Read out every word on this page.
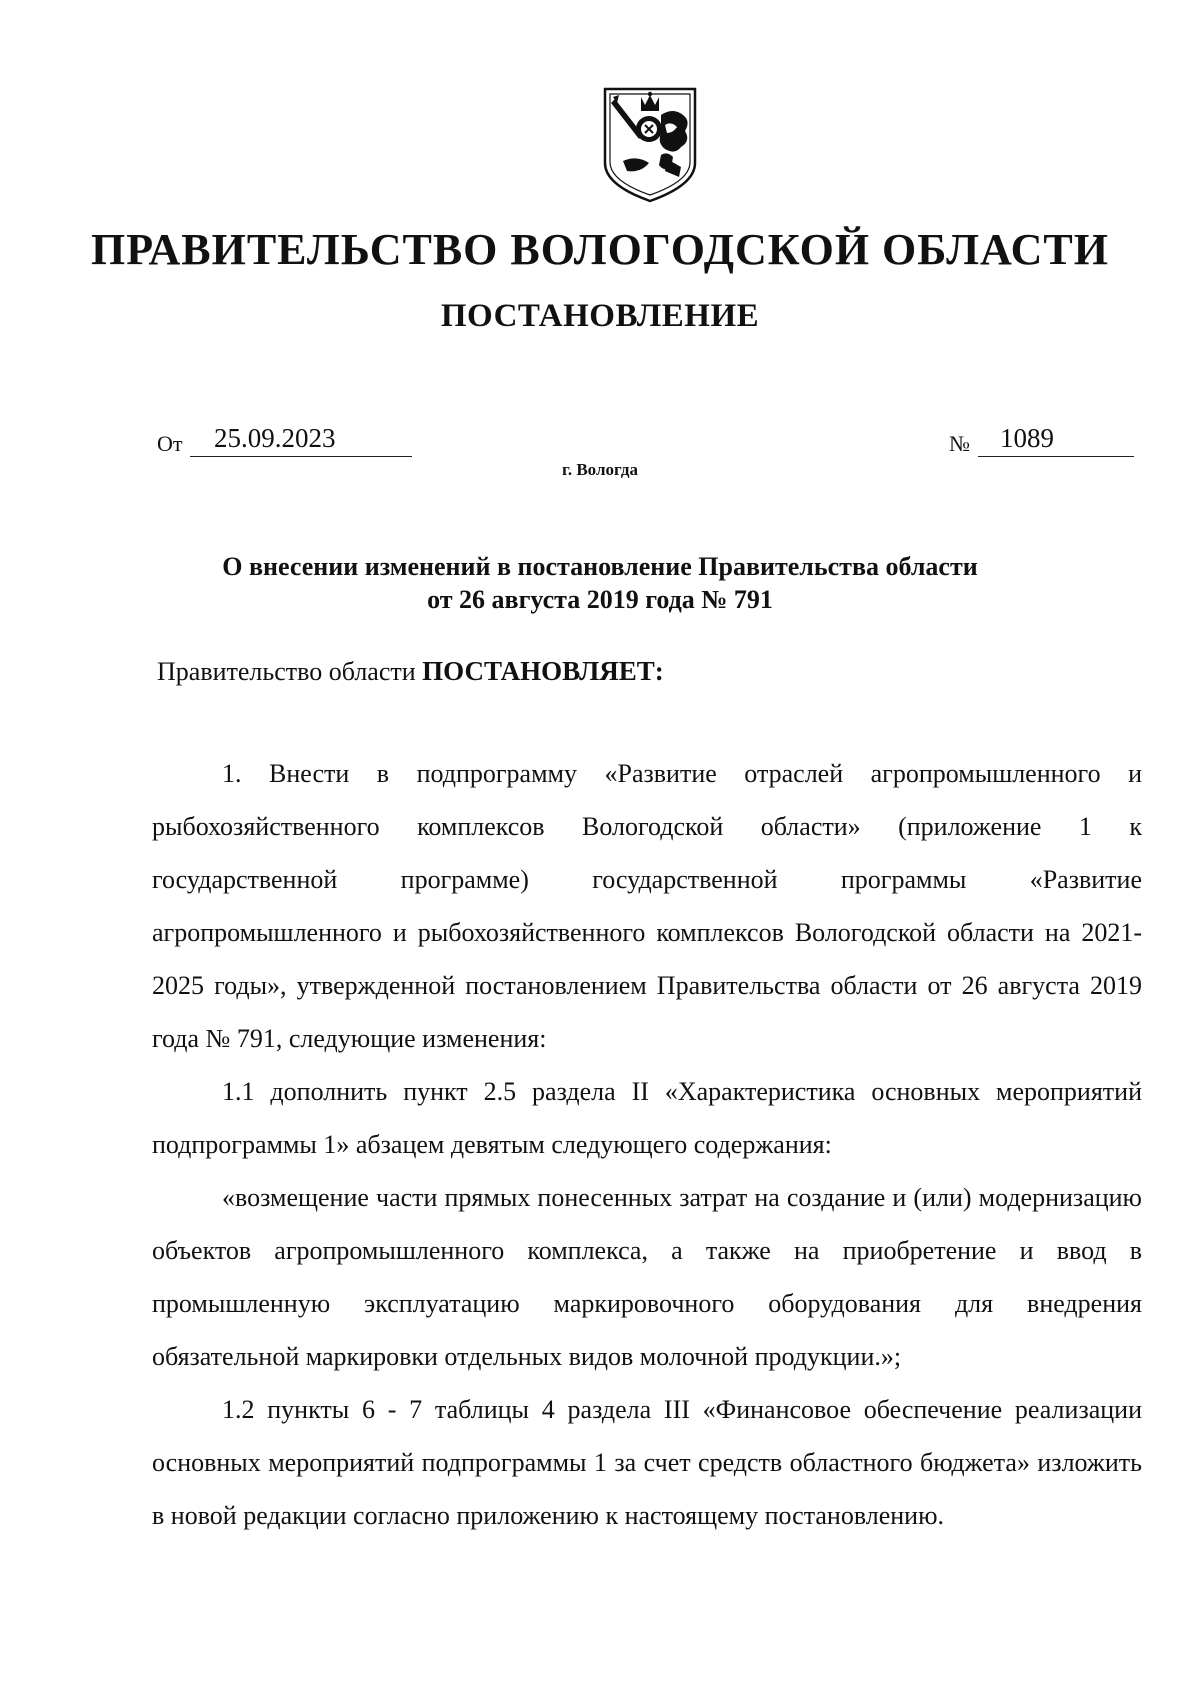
ПРАВИТЕЛЬСТВО ВОЛОГОДСКОЙ ОБЛАСТИ
ПОСТАНОВЛЕНИЕ
От	25.09.2023	№	1089
г. Вологда
О внесении изменений в постановление Правительства области
от 26 августа 2019 года № 791
Правительство области ПОСТАНОВЛЯЕТ:

1. Внести в подпрограмму «Развитие отраслей агропромышленного и рыбохозяйственного комплексов Вологодской области» (приложение 1 к государственной программе) государственной программы «Развитие агропромышленного и рыбохозяйственного комплексов Вологодской области на 2021-2025 годы», утвержденной постановлением Правительства области от 26 августа 2019 года № 791, следующие изменения:

1.1 дополнить пункт 2.5 раздела II «Характеристика основных мероприятий подпрограммы 1» абзацем девятым следующего содержания:

«возмещение части прямых понесенных затрат на создание и (или) модернизацию объектов агропромышленного комплекса, а также на приобретение и ввод в промышленную эксплуатацию маркировочного оборудования для внедрения обязательной маркировки отдельных видов молочной продукции.»;

1.2 пункты 6 - 7 таблицы 4 раздела III «Финансовое обеспечение реализации основных мероприятий подпрограммы 1 за счет средств областного бюджета» изложить в новой редакции согласно приложению к настоящему постановлению.
